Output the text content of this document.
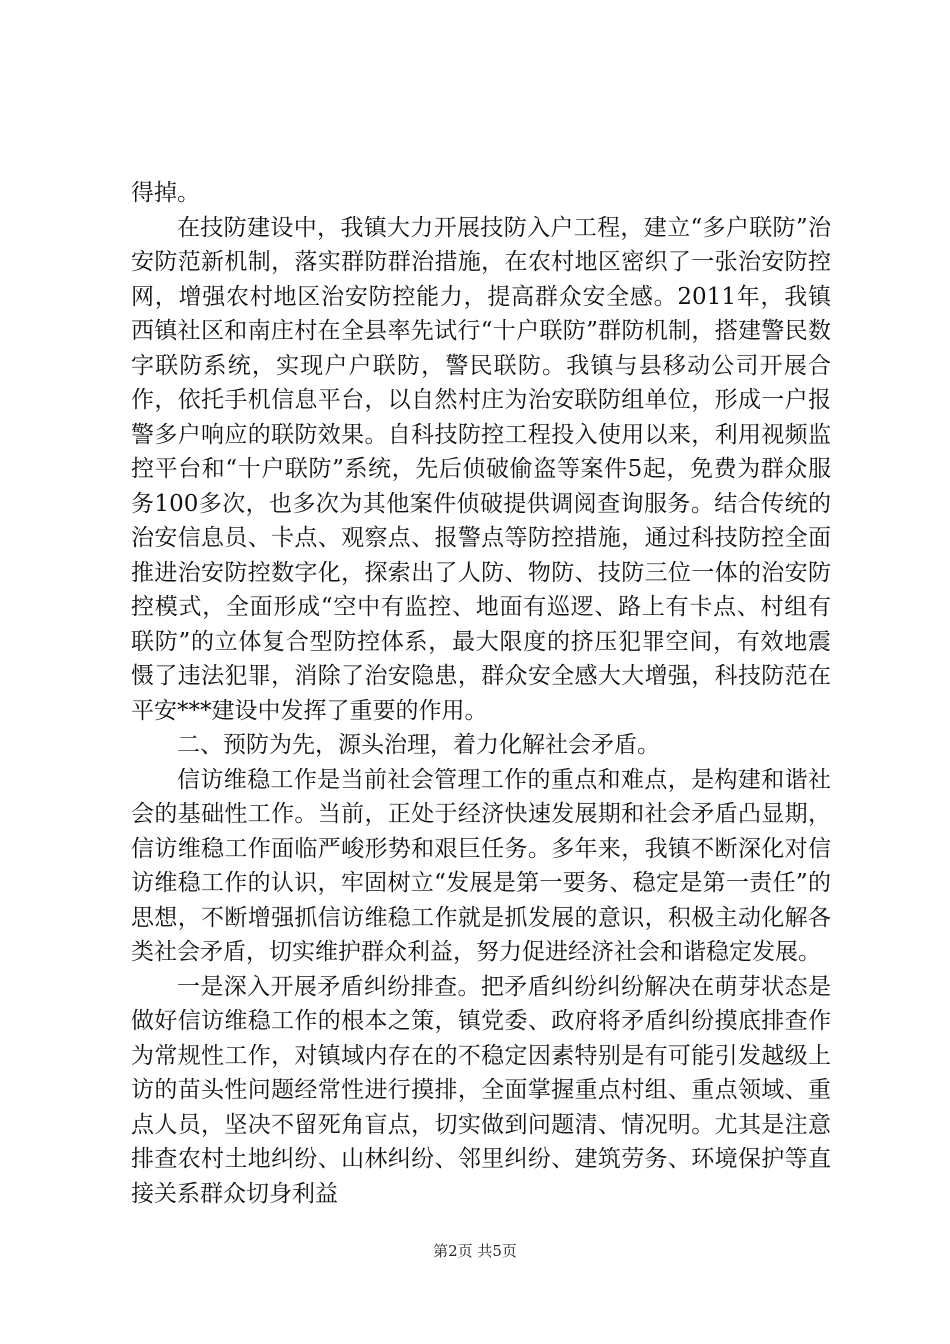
得掉。

在技防建设中，我镇大力开展技防入户工程，建立“多户联防”治安防范新机制，落实群防群治措施，在农村地区密织了一张治安防控网，增强农村地区治安防控能力，提高群众安全感。2011年，我镇西镇社区和南庄村在全县率先试行“十户联防”群防机制，搭建警民数字联防系统，实现户户联防，警民联防。我镇与县移动公司开展合作，依托手机信息平台，以自然村庄为治安联防组单位，形成一户报警多户响应的联防效果。自科技防控工程投入使用以来，利用视频监控平台和“十户联防”系统，先后侦破偷盗等案件5起，免费为群众服务100多次，也多次为其他案件侦破提供调阅查询服务。结合传统的治安信息员、卡点、观察点、报警点等防控措施，通过科技防控全面推进治安防控数字化，探索出了人防、物防、技防三位一体的治安防控模式，全面形成“空中有监控、地面有巡逻、路上有卡点、村组有联防”的立体复合型防控体系，最大限度的挤压犯罪空间，有效地震慑了违法犯罪，消除了治安隐患，群众安全感大大增强，科技防范在平安***建设中发挥了重要的作用。

二、预防为先，源头治理，着力化解社会矛盾。

信访维稳工作是当前社会管理工作的重点和难点，是构建和谐社会的基础性工作。当前，正处于经济快速发展期和社会矛盾凸显期，信访维稳工作面临严峻形势和艰巨任务。多年来，我镇不断深化对信访维稳工作的认识，牢固树立“发展是第一要务、稳定是第一责任”的思想，不断增强抓信访维稳工作就是抓发展的意识，积极主动化解各类社会矛盾，切实维护群众利益，努力促进经济社会和谐稳定发展。

一是深入开展矛盾纠纷排查。把矛盾纠纷纠纷解决在萌芽状态是做好信访维稳工作的根本之策，镇党委、政府将矛盾纠纷摸底排查作为常规性工作，对镇域内存在的不稳定因素特别是有可能引发越级上访的苗头性问题经常性进行摸排，全面掌握重点村组、重点领域、重点人员，坚决不留死角盲点，切实做到问题清、情况明。尤其是注意排查农村土地纠纷、山林纠纷、邻里纠纷、建筑劳务、环境保护等直接关系群众切身利益

第2页 共5页
